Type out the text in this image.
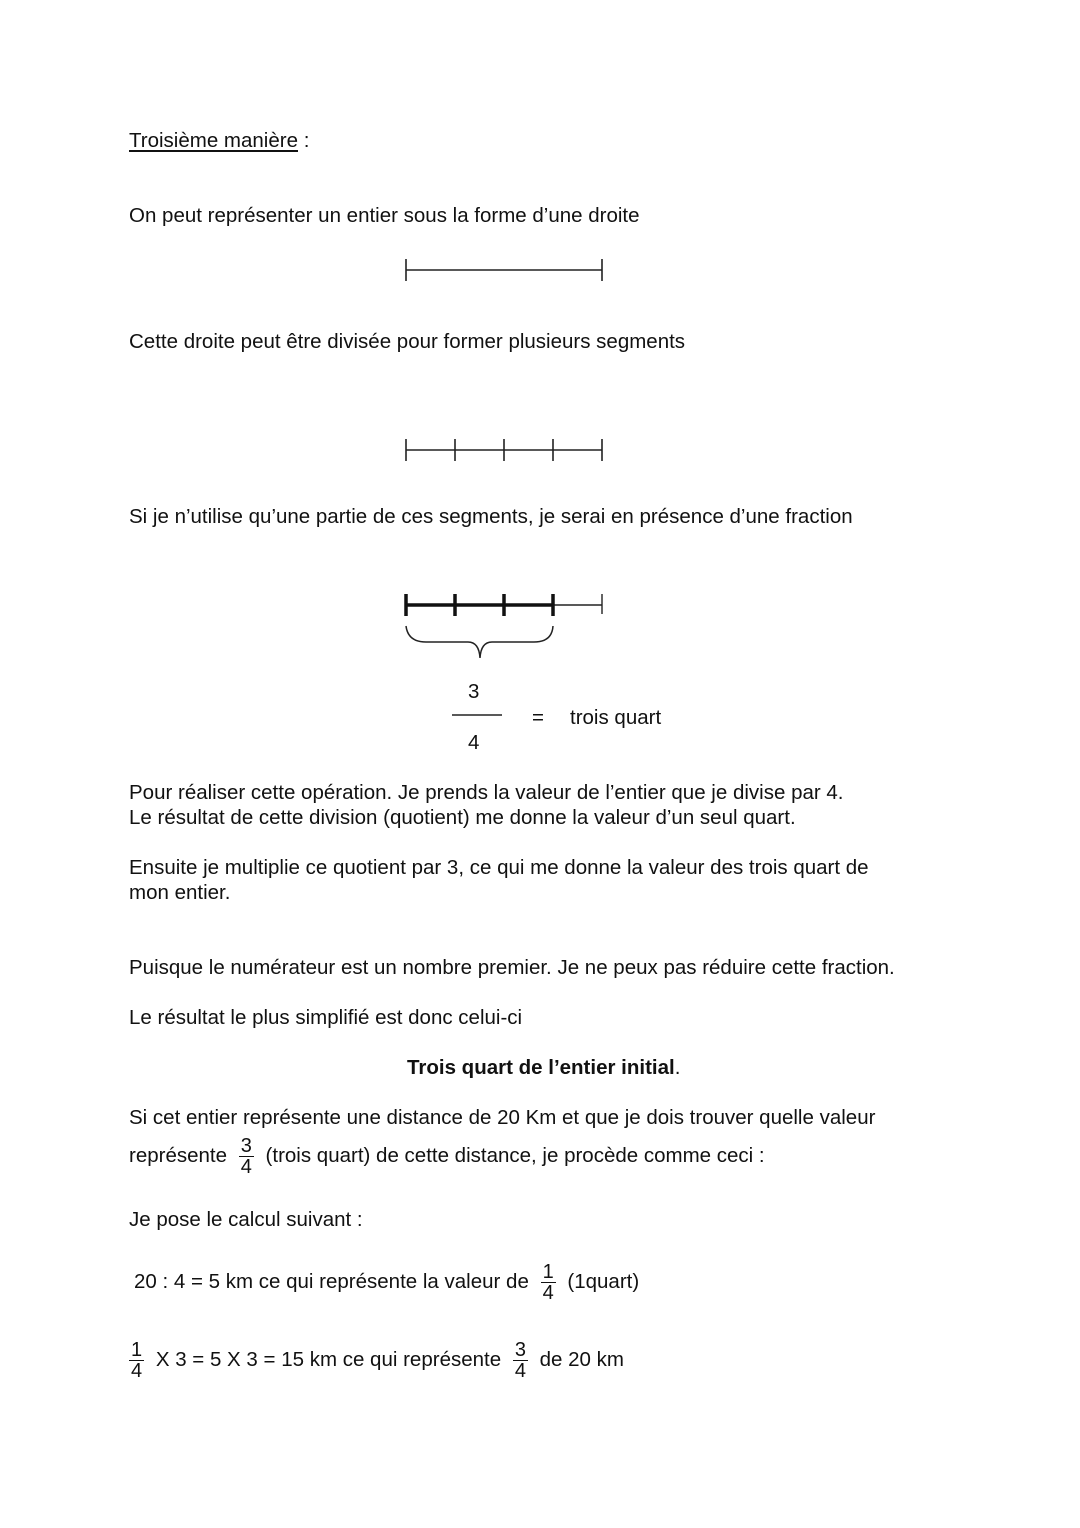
Troisième manière :
On peut représenter un entier sous la forme d’une droite
Cette droite peut être divisée pour former plusieurs segments
Si je n’utilise qu’une partie de ces segments, je serai en présence d’une fraction
3
4
= trois quart
Pour réaliser cette opération. Je prends la valeur de l’entier que je divise par 4.
Le résultat de cette division (quotient) me donne la valeur d’un seul quart.
Ensuite je multiplie ce quotient par 3, ce qui me donne la valeur des trois quart de
mon entier.
Puisque le numérateur est un nombre premier. Je ne peux pas réduire cette fraction.
Le résultat le plus simplifié est donc celui-ci
Trois quart de l’entier initial.
Si cet entier représente une distance de 20 Km et que je dois trouver quelle valeur
représente $\frac{3}{4}$ (trois quart) de cette distance, je procède comme ceci :
Je pose le calcul suivant :
20 : 4 = 5 km ce qui représente la valeur de $\frac{1}{4}$ (1quart)
$\frac{1}{4}$ X 3 = 5 X 3 = 15 km ce qui représente $\frac{3}{4}$ de 20 km
